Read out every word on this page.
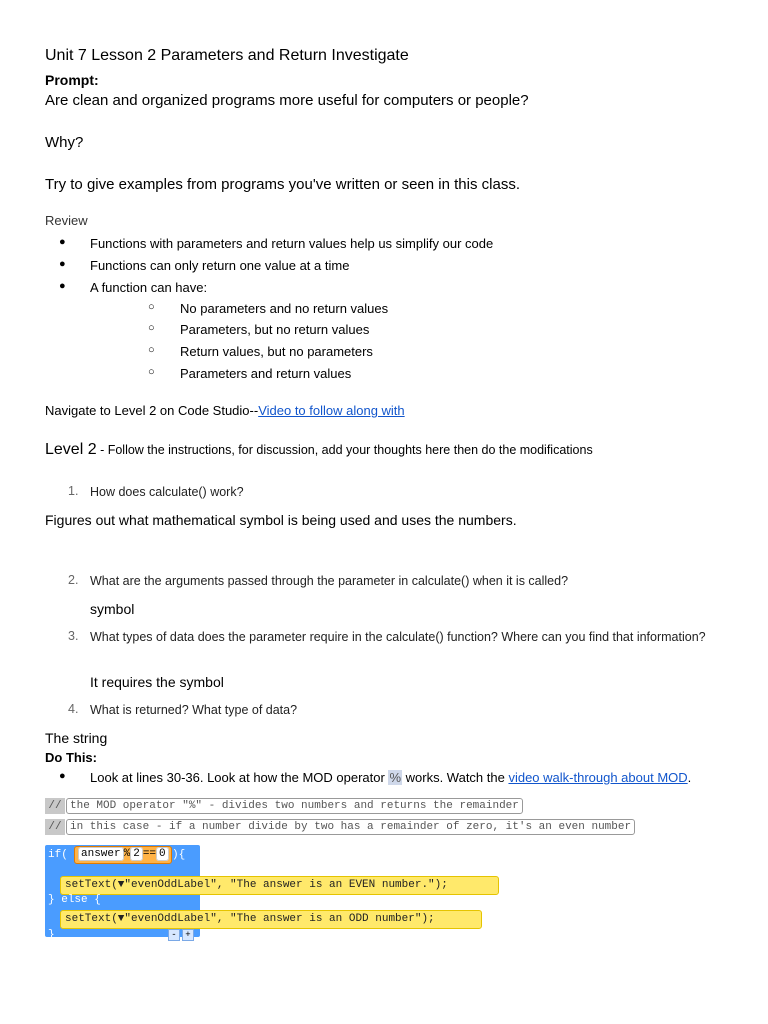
Unit 7 Lesson 2 Parameters and Return Investigate
Prompt:
Are clean and organized programs more useful for computers or people?
Why?
Try to give examples from programs you've written or seen in this class.
Review
● Functions with parameters and return values help us simplify our code
● Functions can only return one value at a time
● A function can have:
○ No parameters and no return values
○ Parameters, but no return values
○ Return values, but no parameters
○ Parameters and return values
Navigate to Level 2 on Code Studio--Video to follow along with
Level 2 - Follow the instructions, for discussion, add your thoughts here then do the modifications
1. How does calculate() work?
Figures out what mathematical symbol is being used and uses the numbers.
2. What are the arguments passed through the parameter in calculate() when it is called?
symbol
3. What types of data does the parameter require in the calculate() function? Where can you find that information?
It requires the symbol
4. What is returned? What type of data?
The string
Do This:
● Look at lines 30-36. Look at how the MOD operator % works. Watch the video walk-through about MOD.
// the MOD operator "%" - divides two numbers and returns the remainder
// in this case - if a number divide by two has a remainder of zero, it's an even number
if( answer % 2 == 0 ){
setText(▼"evenOddLabel", "The answer is an EVEN number.");
} else {
setText(▼"evenOddLabel", "The answer is an ODD number");
}	- +
